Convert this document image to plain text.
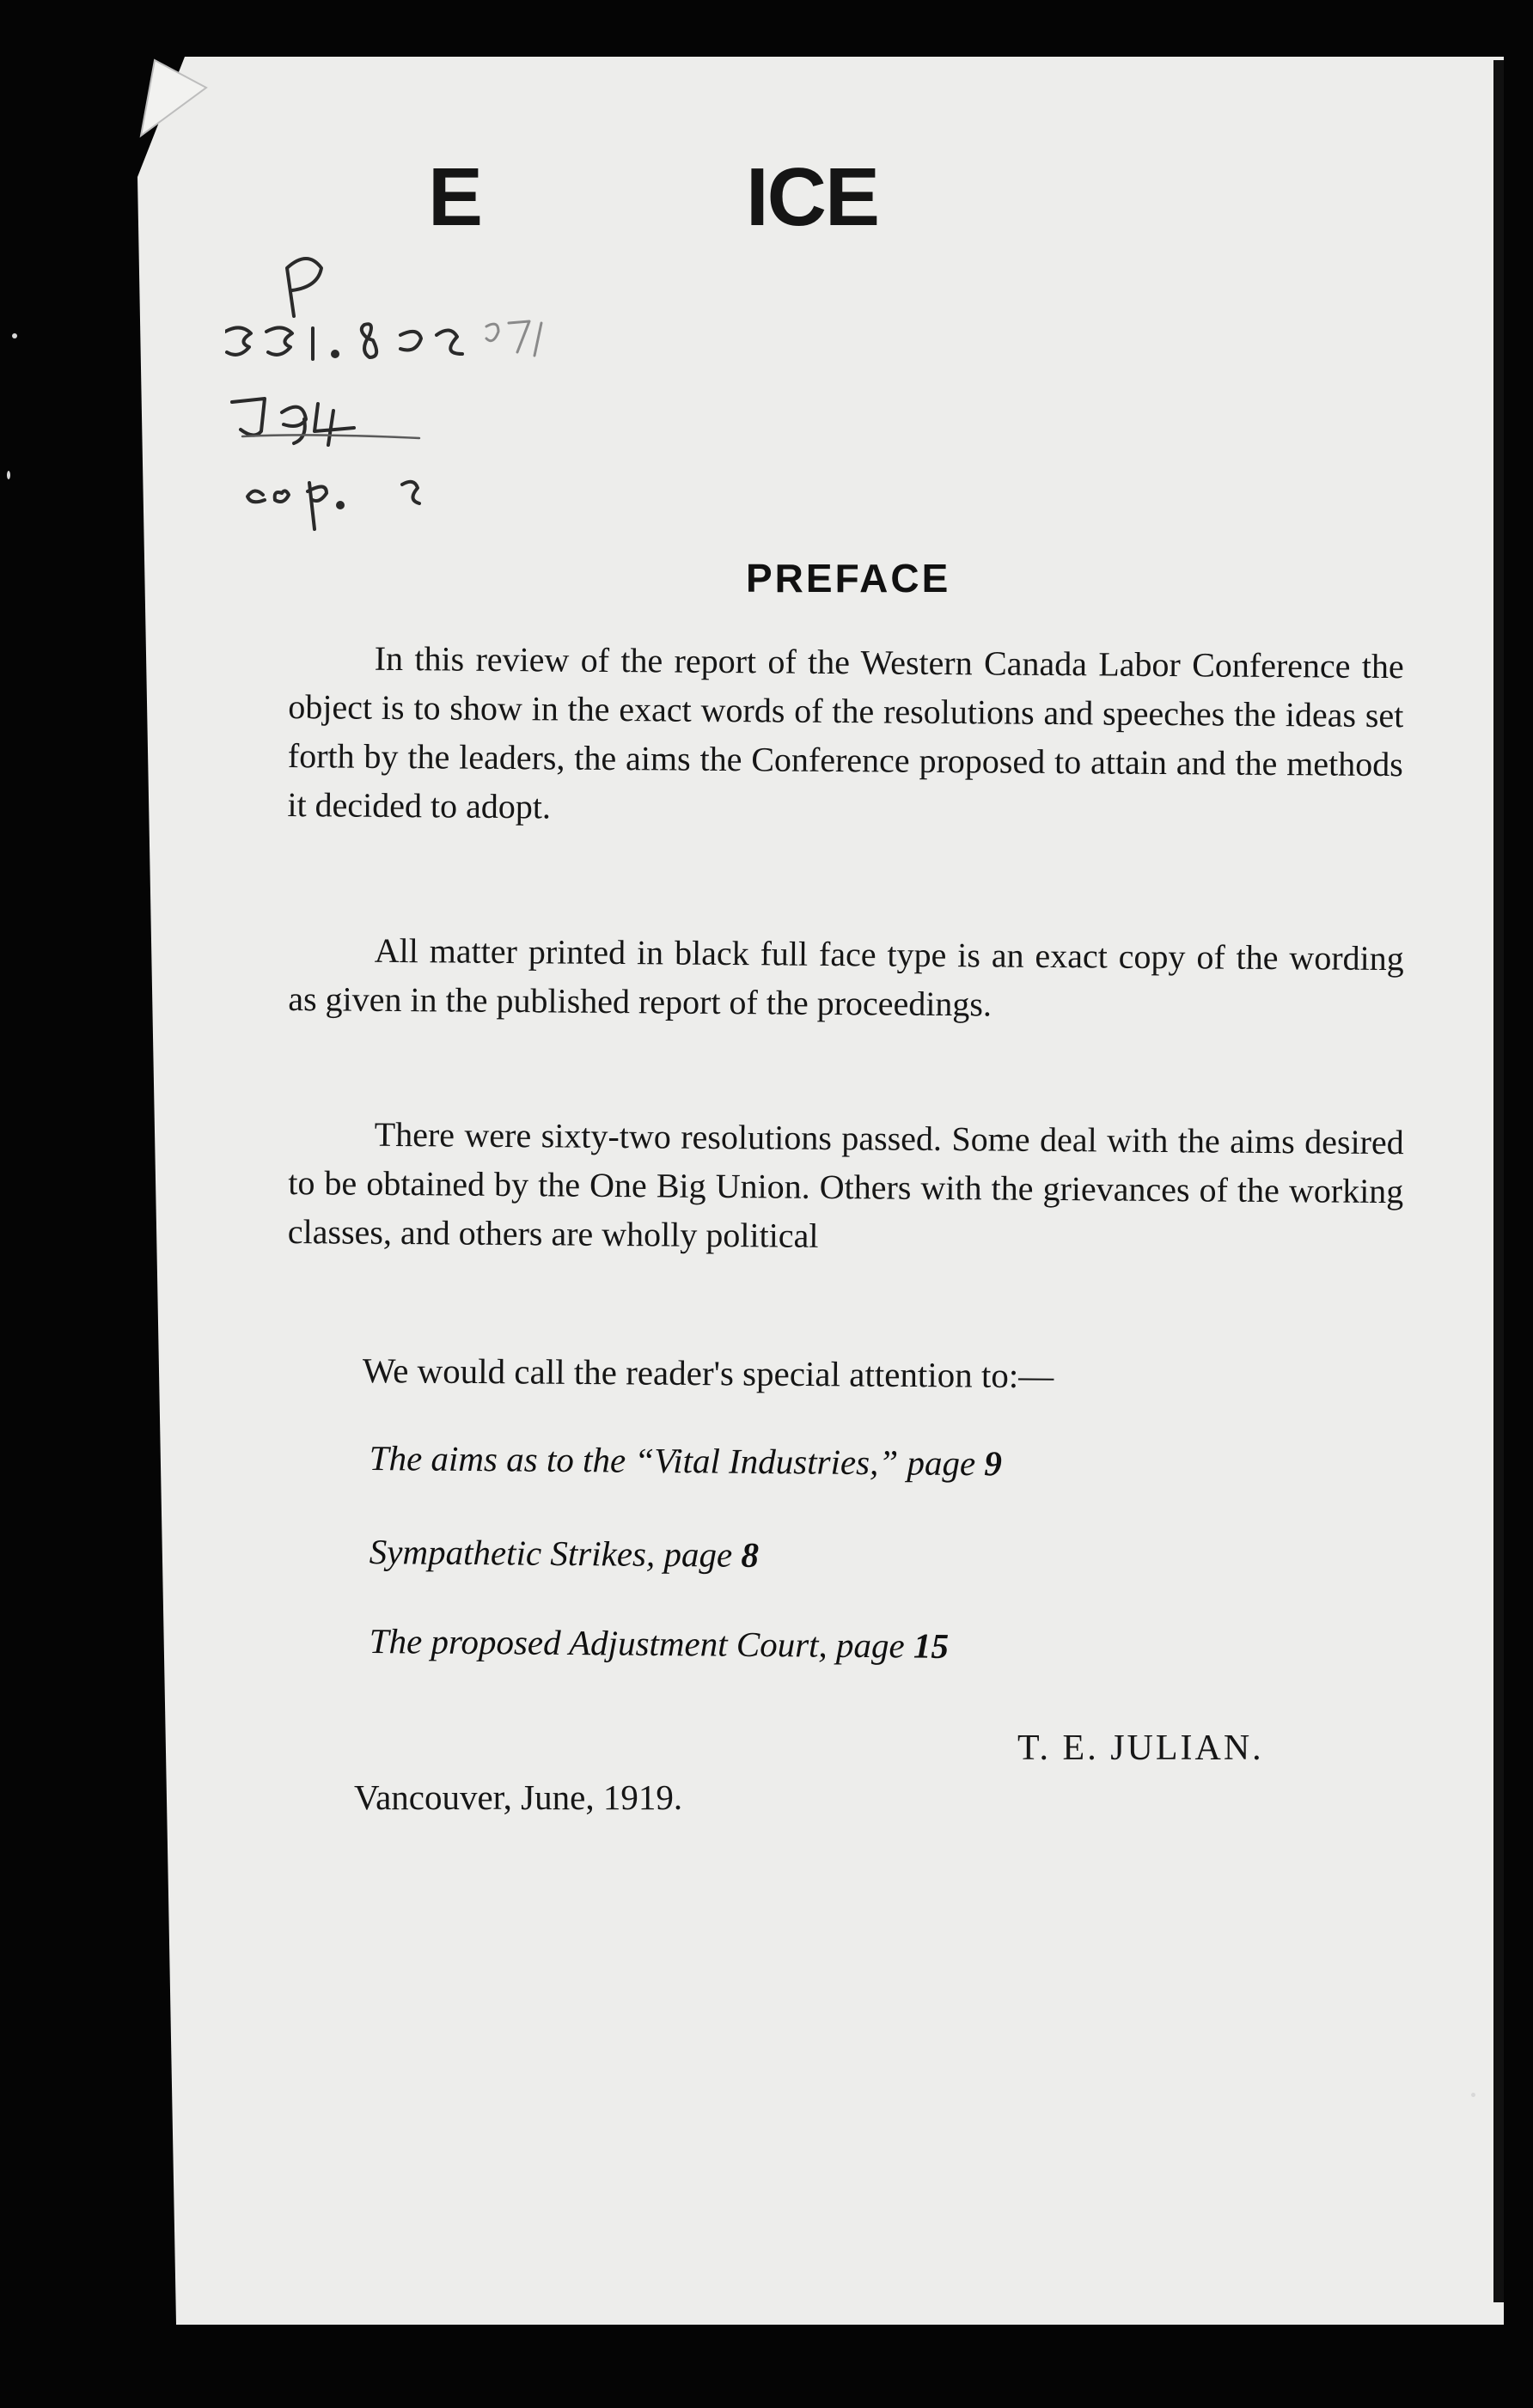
E	ICE
PREFACE

In this review of the report of the Western Canada Labor Conference the object is to show in the exact words of the resolutions and speeches the ideas set forth by the leaders, the aims the Conference proposed to attain and the methods it decided to adopt.

All matter printed in black full face type is an exact copy of the wording as given in the published report of the proceedings.

There were sixty-two resolutions passed. Some deal with the aims desired to be obtained by the One Big Union. Others with the grievances of the working classes, and others are wholly political

We would call the reader's special attention to:—
The aims as to the “Vital Industries,” page 9
Sympathetic Strikes, page 8
The proposed Adjustment Court, page 15
T. E. JULIAN.
Vancouver, June, 1919.
